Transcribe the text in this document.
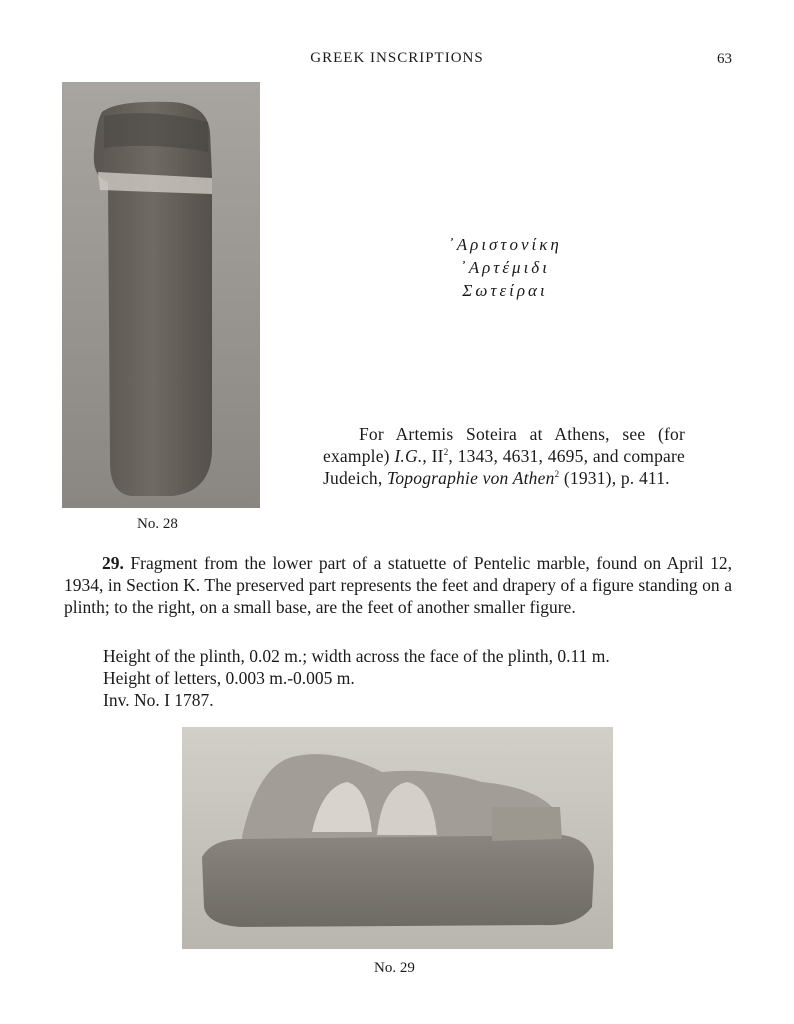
GREEK INSCRIPTIONS	63
No. 28
᾿Αριστονίκη
᾿Αρτέμιδι
Σωτείραι
For Artemis Soteira at Athens, see (for example) I.G., $II^2$, 1343, 4631, 4695, and compare Judeich, Topographie von Athen$^2$ (1931), p. 411.
29. Fragment from the lower part of a statuette of Pentelic marble, found on April 12, 1934, in Section K. The preserved part represents the feet and drapery of a figure standing on a plinth; to the right, on a small base, are the feet of another smaller figure.
Height of the plinth, 0.02 m.; width across the face of the plinth, 0.11 m.
Height of letters, 0.003 m.-0.005 m.
Inv. No. I 1787.
No. 29
